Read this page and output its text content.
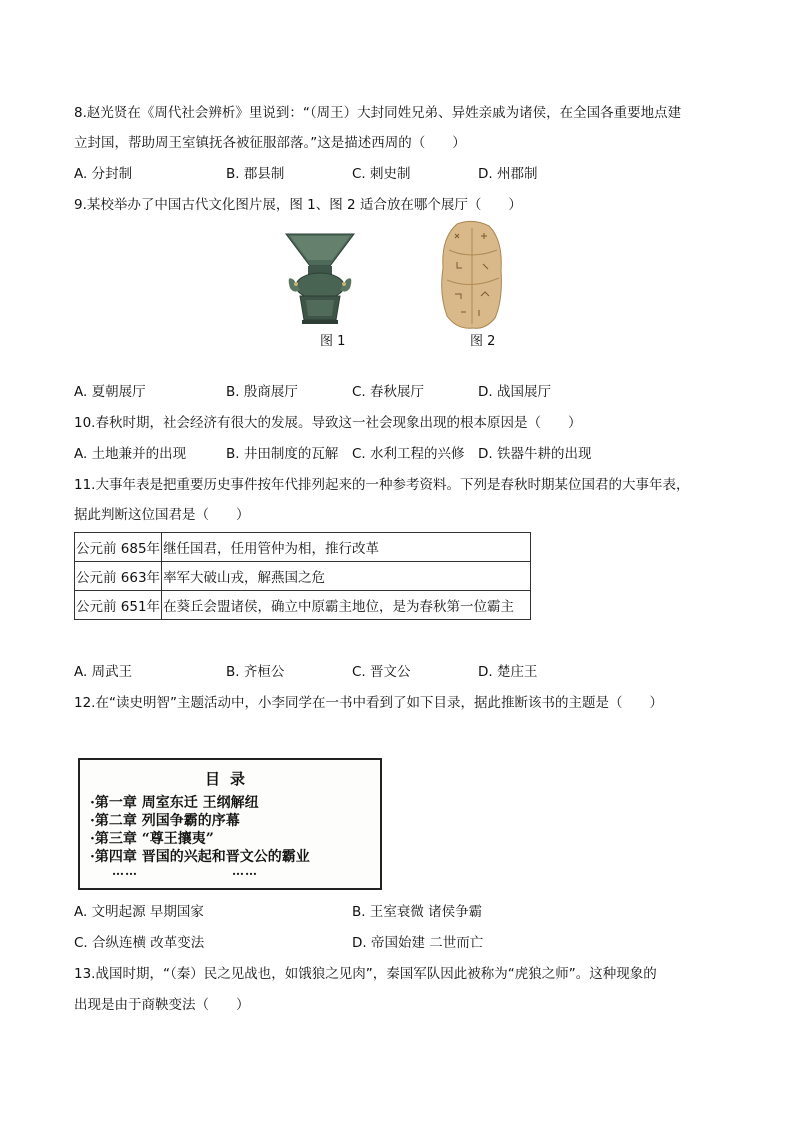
8.赵光贤在《周代社会辨析》里说到：“（周王）大封同姓兄弟、异姓亲戚为诸侯，在全国各重要地点建
立封国，帮助周王室镇抚各被征服部落。”这是描述西周的（　　）
A. 分封制	B. 郡县制	C. 刺史制	D. 州郡制
9.某校举办了中国古代文化图片展，图 1、图 2 适合放在哪个展厅（　　）
图 1	图 2
A. 夏朝展厅	B. 殷商展厅	C. 春秋展厅	D. 战国展厅
10.春秋时期，社会经济有很大的发展。导致这一社会现象出现的根本原因是（　　）
A. 土地兼并的出现	B. 井田制度的瓦解 C. 水利工程的兴修 D. 铁器牛耕的出现
11.大事年表是把重要历史事件按年代排列起来的一种参考资料。下列是春秋时期某位国君的大事年表，
据此判断这位国君是（　　）
公元前 685年	继任国君，任用管仲为相，推行改革
公元前 663年	率军大破山戎，解燕国之危
公元前 651年	在葵丘会盟诸侯，确立中原霸主地位，是为春秋第一位霸主
A. 周武王	B. 齐桓公	C. 晋文公	D. 楚庄王
12.在“读史明智”主题活动中，小李同学在一书中看到了如下目录，据此推断该书的主题是（　　）
目录
·第一章 周室东迁 王纲解纽
·第二章 列国争霸的序幕
·第三章 “尊王攘夷”
·第四章 晋国的兴起和晋文公的霸业
……	……
A. 文明起源 早期国家	B. 王室衰微 诸侯争霸
C. 合纵连横 改革变法	D. 帝国始建 二世而亡
13.战国时期，“（秦）民之见战也，如饿狼之见肉”，秦国军队因此被称为“虎狼之师”。这种现象的
出现是由于商鞅变法（　　）
